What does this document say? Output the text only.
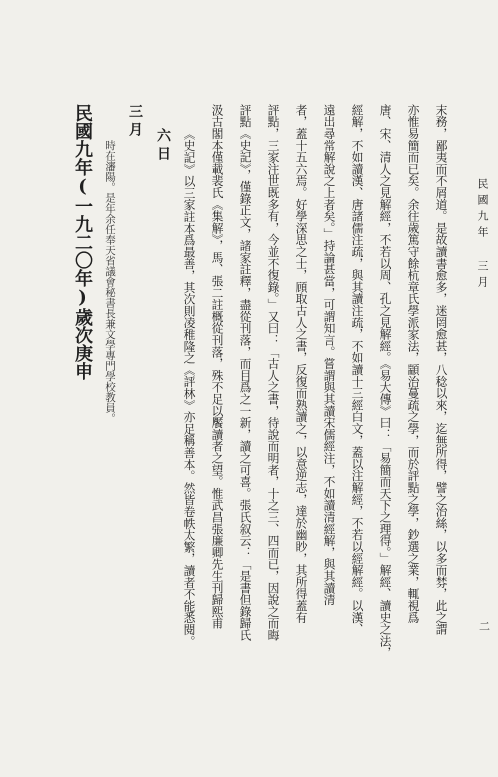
民國九年 三月
民國九年(一九二〇年)歲次庚申 時在瀋陽。是年余任奉天省議會秘書長兼文學專門學校教員。
三月
六日 《史記》以三家註本爲最善，其次則凌稚隆之《評林》亦足稱善本。然皆卷帙太繁，讀者不能悉閱。 汲古閣本僅載裴氏《集解》，馬、張二註概從刊落，殊不足以饜讀者之望。惟武昌張廉卿先生刊歸熙甫 評點《史記》，僅錄正文，諸家註釋，盡從刊落，而目爲之一新，讀之可喜。張氏叙云：「是書但錄歸氏 評點，三家注世既多有，今並不復錄。」又曰：「古人之書，待說而明者，十之三、四而已，因說之而晦 者，蓋十五六焉。好學深思之士，頋取古人之書，反復而熟讀之，以意逆志，達於幽眇，其所得蓋有 遠出尋常解說之上者矣。」持論甚當，可謂知言。嘗謂與其讀宋儒經注，不如讀清經解，與其讀清 經解，不如讀漢、唐諸儒注疏，與其讀注疏，不如讀十三經白文，蓋以注解經，不若以經解經。以漢、 唐、宋、清人之見解經，不若以周、孔之見解經。《易大傳》曰：「易簡而天下之理得。」解經、讀史之法， 亦惟易簡而已矣。余往歲篤守餘杭章氏學派家法，顓治蔓疏之學，而於評點之學，鈔選之業，輒視爲 末務，鄙夷而不屑道。是故讀書愈多，迷罔愈甚，八稔以來，迄無所得，譬之治絲，以多而棼，此之謂	二
